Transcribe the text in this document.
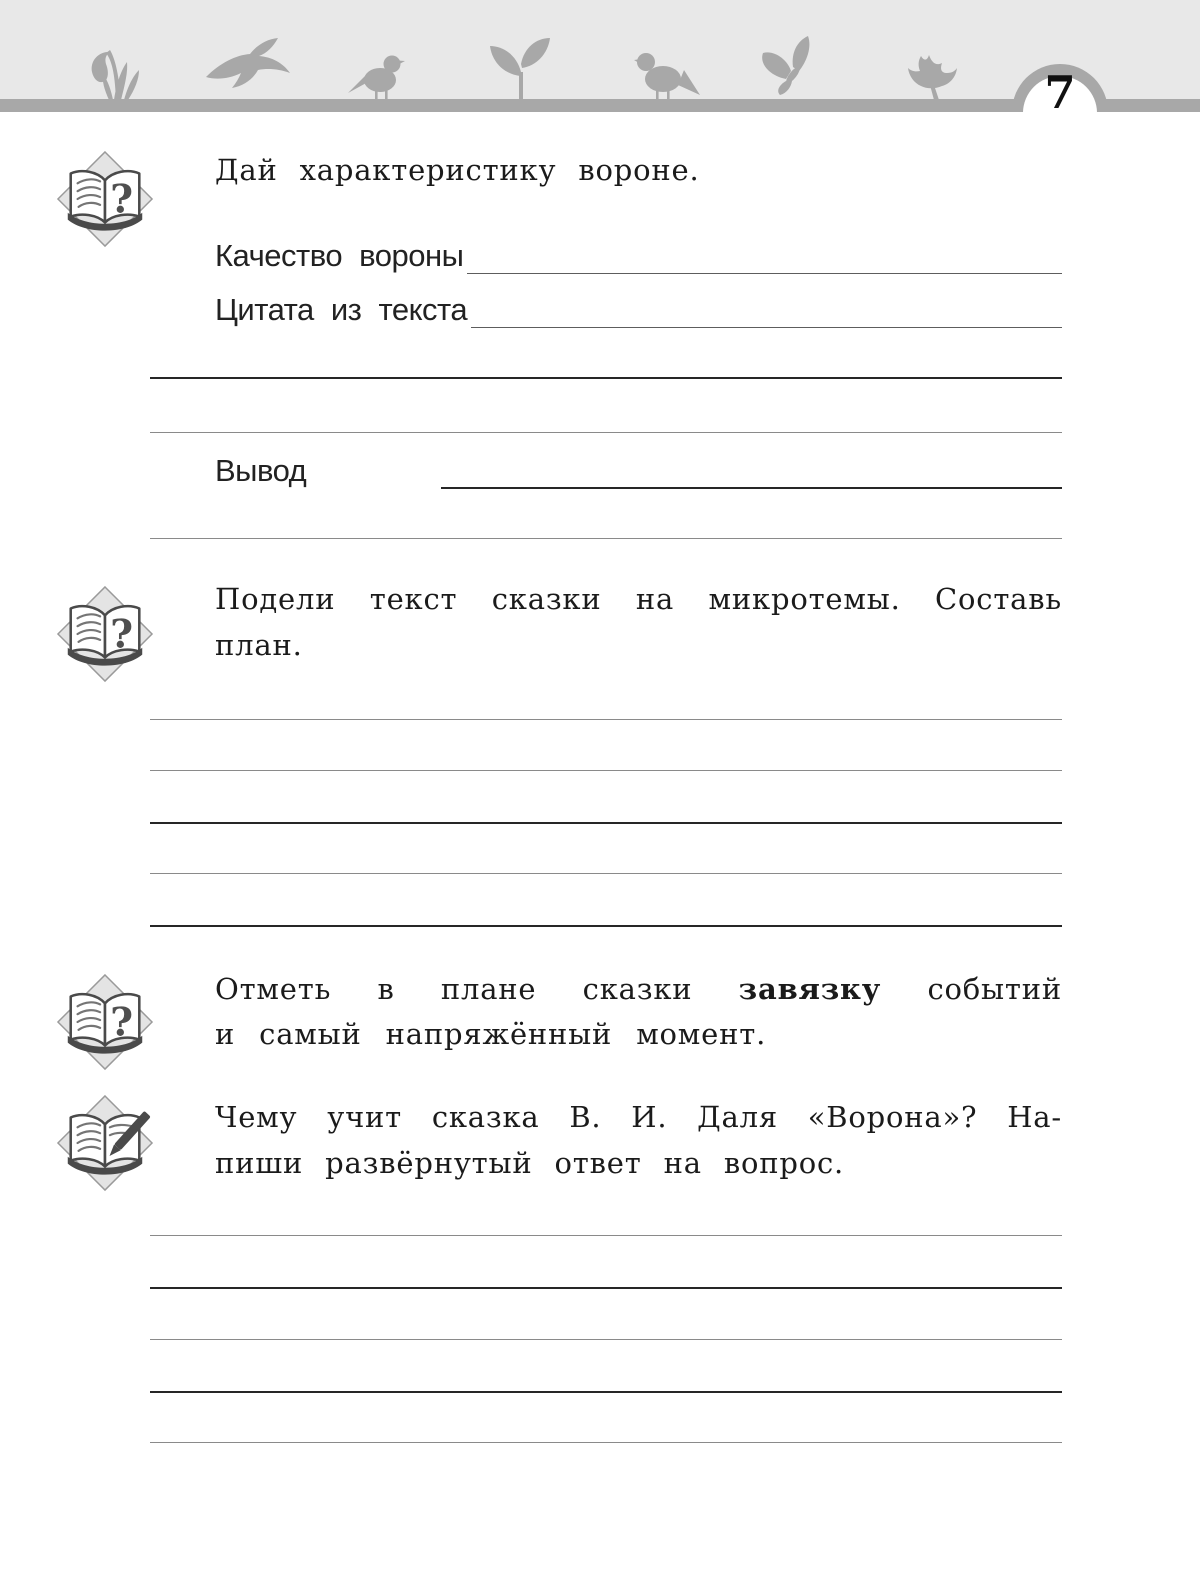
7
?
Дай характеристику вороне.
Качество вороны
Цитата из текста
Вывод
?
Подели текст сказки на микротемы. Составь
план.
?
Отметь в плане сказки завязку событий
и самый напряжённый момент.
Чему учит сказка В. И. Даля «Ворона»? На-
пиши развёрнутый ответ на вопрос.
